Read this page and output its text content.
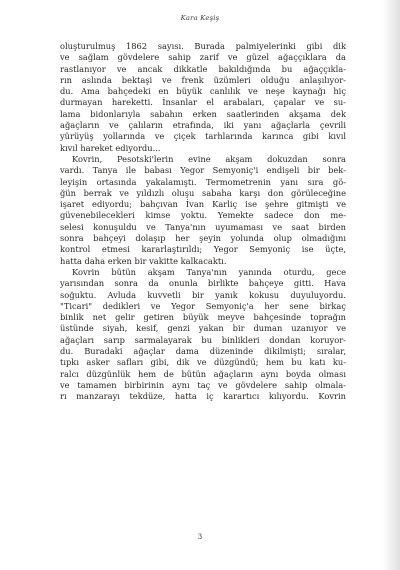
Kara Keşiş
oluşturulmuş 1862 sayısı. Burada palmiyelerinki gibi dik
ve sağlam gövdelere sahip zarif ve güzel ağaççıklara da
rastlanıyor ve ancak dikkatle bakıldığında bu ağaççıkla-
rın aslında bektaşi ve frenk üzümleri olduğu anlaşılıyor-
du. Ama bahçedeki en büyük canlılık ve neşe kaynağı hiç
durmayan hareketti. İnsanlar el arabaları, çapalar ve su-
lama bidonlarıyla sabahın erken saatlerinden akşama dek
ağaçların ve çalıların etrafında, iki yanı ağaçlarla çevrili
yürüyüş yollarında ve çiçek tarhlarında karınca gibi kıvıl
kıvıl hareket ediyordu...
Kovrin, Pesotski'lerin evine akşam dokuzdan sonra
vardı. Tanya ile babası Yegor Semyoniç'i endişeli bir bek-
leyişin ortasında yakalamıştı. Termometrenin yanı sıra gö-
ğün berrak ve yıldızlı oluşu sabaha karşı don görüleceğine
işaret ediyordu; bahçıvan İvan Karliç ise şehre gitmişti ve
güvenebilecekleri kimse yoktu. Yemekte sadece don me-
selesi konuşuldu ve Tanya'nın uyumaması ve saat birden
sonra bahçeyi dolaşıp her şeyin yolunda olup olmadığını
kontrol etmesi kararlaştırıldı; Yegor Semyoniç ise üçte,
hatta daha erken bir vakitte kalkacaktı.
Kovrin bütün akşam Tanya'nın yanında oturdu, gece
yarısından sonra da onunla birlikte bahçeye gitti. Hava
soğuktu. Avluda kuvvetli bir yanık kokusu duyuluyordu.
"Ticari" dedikleri ve Yegor Semyoniç'a her sene birkaç
binlik net gelir getiren büyük meyve bahçesinde toprağın
üstünde siyah, kesif, genzi yakan bir duman uzanıyor ve
ağaçları sarıp sarmalayarak bu binlikleri dondan koruyor-
du. Buradaki ağaçlar dama düzeninde dikilmişti; sıralar,
tıpkı asker safları gibi, dik ve düzgündü; hem bu katı ku-
ralcı düzgünlük hem de bütün ağaçların aynı boyda olması
ve tamamen birbirinin aynı taç ve gövdelere sahip olmala-
rı manzarayı tekdüze, hatta iç karartıcı kılıyordu. Kovrin
3
